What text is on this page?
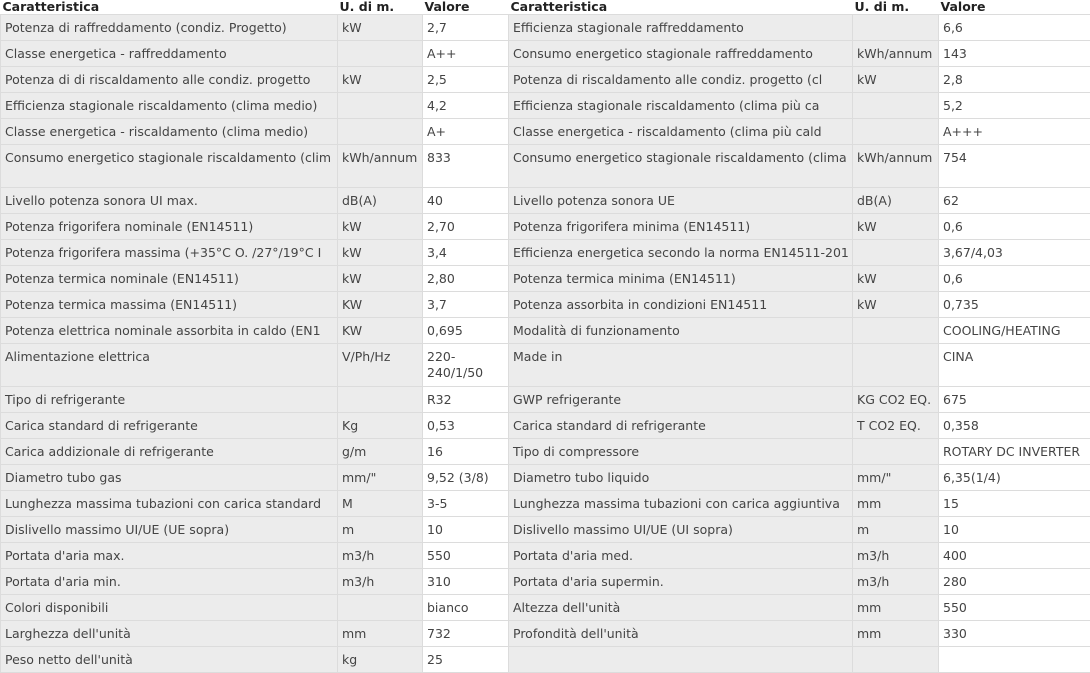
Caratteristica	U. di m.	Valore	Caratteristica	U. di m.	Valore
Potenza di raffreddamento (condiz. Progetto)	kW	2,7	Efficienza stagionale raffreddamento		6,6
Classe energetica - raffreddamento		A++	Consumo energetico stagionale raffreddamento	kWh/annum	143
Potenza di di riscaldamento alle condiz. progetto	kW	2,5	Potenza di riscaldamento alle condiz. progetto (cl	kW	2,8
Efficienza stagionale riscaldamento (clima medio)		4,2	Efficienza stagionale riscaldamento (clima più ca		5,2
Classe energetica - riscaldamento (clima medio)		A+	Classe energetica - riscaldamento (clima più cald		A+++
Consumo energetico stagionale riscaldamento (clim	kWh/annum	833	Consumo energetico stagionale riscaldamento (clima	kWh/annum	754
Livello potenza sonora UI max.	dB(A)	40	Livello potenza sonora UE	dB(A)	62
Potenza frigorifera nominale (EN14511)	kW	2,70	Potenza frigorifera minima (EN14511)	kW	0,6
Potenza frigorifera massima (+35°C O. /27°/19°C I	kW	3,4	Efficienza energetica secondo la norma EN14511-201		3,67/4,03
Potenza termica nominale (EN14511)	kW	2,80	Potenza termica minima (EN14511)	kW	0,6
Potenza termica massima (EN14511)	KW	3,7	Potenza assorbita in condizioni EN14511	kW	0,735
Potenza elettrica nominale assorbita in caldo (EN1	KW	0,695	Modalità di funzionamento		COOLING/HEATING
Alimentazione elettrica	V/Ph/Hz	220-240/1/50	Made in		CINA
Tipo di refrigerante		R32	GWP refrigerante	KG CO2 EQ.	675
Carica standard di refrigerante	Kg	0,53	Carica standard di refrigerante	T CO2 EQ.	0,358
Carica addizionale di refrigerante	g/m	16	Tipo di compressore		ROTARY DC INVERTER
Diametro tubo gas	mm/"	9,52 (3/8)	Diametro tubo liquido	mm/"	6,35(1/4)
Lunghezza massima tubazioni con carica standard	M	3-5	Lunghezza massima tubazioni con carica aggiuntiva	mm	15
Dislivello massimo UI/UE (UE sopra)	m	10	Dislivello massimo UI/UE (UI sopra)	m	10
Portata d'aria max.	m3/h	550	Portata d'aria med.	m3/h	400
Portata d'aria min.	m3/h	310	Portata d'aria supermin.	m3/h	280
Colori disponibili		bianco	Altezza dell'unità	mm	550
Larghezza dell'unità	mm	732	Profondità dell'unità	mm	330
Peso netto dell'unità	kg	25			
